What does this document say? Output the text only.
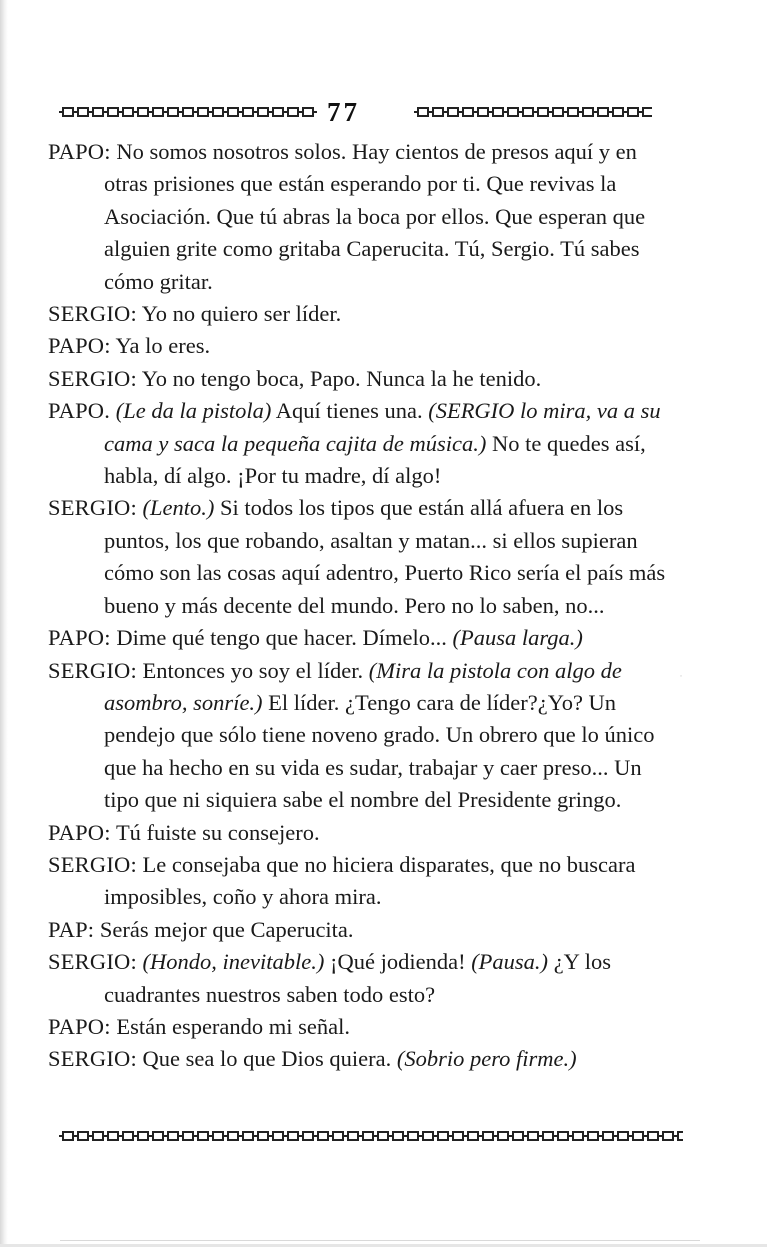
77
PAPO: No somos nosotros solos. Hay cientos de presos aquí y en otras prisiones que están esperando por ti. Que revivas la Asociación. Que tú abras la boca por ellos. Que esperan que alguien grite como gritaba Caperucita. Tú, Sergio. Tú sabes cómo gritar.
SERGIO: Yo no quiero ser líder.
PAPO: Ya lo eres.
SERGIO: Yo no tengo boca, Papo. Nunca la he tenido.
PAPO. (Le da la pistola) Aquí tienes una. (SERGIO lo mira, va a su cama y saca la pequeña cajita de música.) No te quedes así, habla, dí algo. ¡Por tu madre, dí algo!
SERGIO: (Lento.) Si todos los tipos que están allá afuera en los puntos, los que robando, asaltan y matan... si ellos supieran cómo son las cosas aquí adentro, Puerto Rico sería el país más bueno y más decente del mundo. Pero no lo saben, no...
PAPO: Dime qué tengo que hacer. Dímelo... (Pausa larga.)
SERGIO: Entonces yo soy el líder. (Mira la pistola con algo de asombro, sonríe.) El líder. ¿Tengo cara de líder?¿Yo? Un pendejo que sólo tiene noveno grado. Un obrero que lo único que ha hecho en su vida es sudar, trabajar y caer preso... Un tipo que ni siquiera sabe el nombre del Presidente gringo.
PAPO: Tú fuiste su consejero.
SERGIO: Le consejaba que no hiciera disparates, que no buscara imposibles, coño y ahora mira.
PAP: Serás mejor que Caperucita.
SERGIO: (Hondo, inevitable.) ¡Qué jodienda! (Pausa.) ¿Y los cuadrantes nuestros saben todo esto?
PAPO: Están esperando mi señal.
SERGIO: Que sea lo que Dios quiera. (Sobrio pero firme.)
˙
